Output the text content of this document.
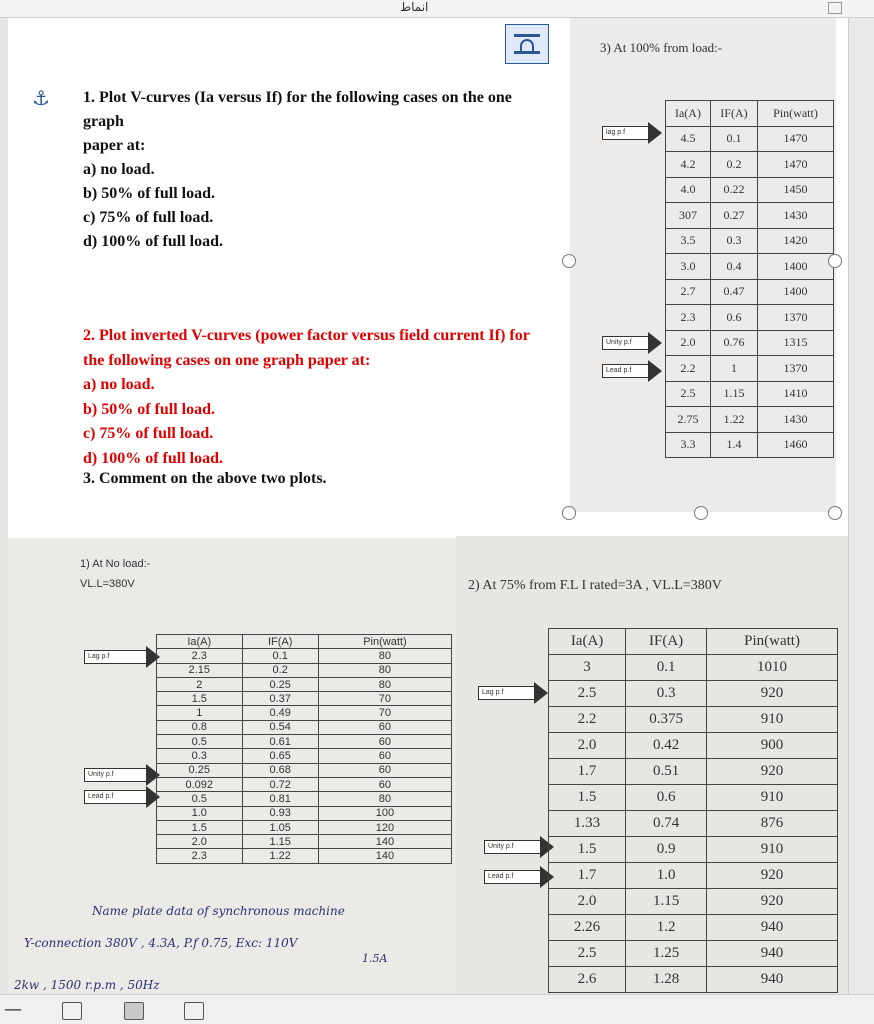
انماط
⚓ 1. Plot V-curves (Ia versus If) for the following cases on the one
graph
paper at:
a) no load.
b) 50% of full load.
c) 75% of full load.
d) 100% of full load.
2. Plot inverted V-curves (power factor versus field current If) for
the following cases on one graph paper at:
a) no load.
b) 50% of full load.
c) 75% of full load.
d) 100% of full load.
3. Comment on the above two plots.
3) At 100% from load:-
lag p.f
Unity p.f
Lead p.f
Ia(A)	IF(A)	Pin(watt)
4.5	0.1	1470
4.2	0.2	1470
4.0	0.22	1450
307	0.27	1430
3.5	0.3	1420
3.0	0.4	1400
2.7	0.47	1400
2.3	0.6	1370
2.0	0.76	1315
2.2	1	1370
2.5	1.15	1410
2.75	1.22	1430
3.3	1.4	1460
1) At No load:-
VL.L=380V
Lag p.f
Unity p.f
Lead p.f
Ia(A)	IF(A)	Pin(watt)
2.3	0.1	80
2.15	0.2	80
2	0.25	80
1.5	0.37	70
1	0.49	70
0.8	0.54	60
0.5	0.61	60
0.3	0.65	60
0.25	0.68	60
0.092	0.72	60
0.5	0.81	80
1.0	0.93	100
1.5	1.05	120
2.0	1.15	140
2.3	1.22	140
Name plate data of synchronous machine
Y-connection 380V , 4.3A, P.f 0.75, Exc: 110V
1.5A
2kw , 1500 r.p.m , 50Hz
2) At 75% from F.L I rated=3A , VL.L=380V
Lag p.f
Unity p.f
Lead p.f
Ia(A)	IF(A)	Pin(watt)
3	0.1	1010
2.5	0.3	920
2.2	0.375	910
2.0	0.42	900
1.7	0.51	920
1.5	0.6	910
1.33	0.74	876
1.5	0.9	910
1.7	1.0	920
2.0	1.15	920
2.26	1.2	940
2.5	1.25	940
2.6	1.28	940
—
